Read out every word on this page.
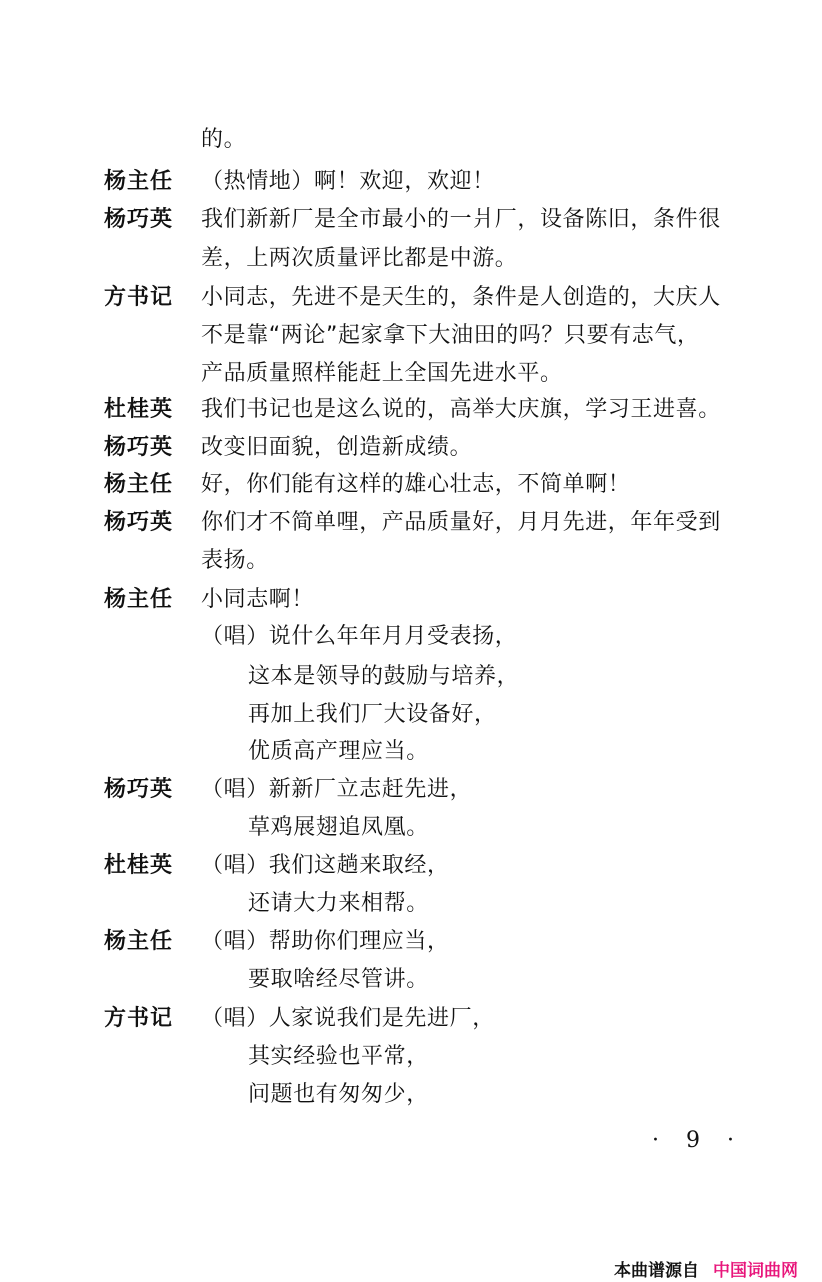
的。
杨主任 （热情地）啊！欢迎，欢迎！
杨巧英 我们新新厂是全市最小的一爿厂，设备陈旧，条件很
差，上两次质量评比都是中游。
方书记 小同志，先进不是天生的，条件是人创造的，大庆人
不是靠“两论”起家拿下大油田的吗？只要有志气，
产品质量照样能赶上全国先进水平。
杜桂英 我们书记也是这么说的，高举大庆旗，学习王进喜。
杨巧英 改变旧面貌，创造新成绩。
杨主任 好，你们能有这样的雄心壮志，不简单啊！
杨巧英 你们才不简单哩，产品质量好，月月先进，年年受到
表扬。
杨主任 小同志啊！
（唱）说什么年年月月受表扬，
这本是领导的鼓励与培养，
再加上我们厂大设备好，
优质高产理应当。
杨巧英 （唱）新新厂立志赶先进，
草鸡展翅追凤凰。
杜桂英 （唱）我们这趟来取经，
还请大力来相帮。
杨主任 （唱）帮助你们理应当，
要取啥经尽管讲。
方书记 （唱）人家说我们是先进厂，
其实经验也平常，
问题也有匆匆少，
· 9 ·
本曲谱源自 中国词曲网
